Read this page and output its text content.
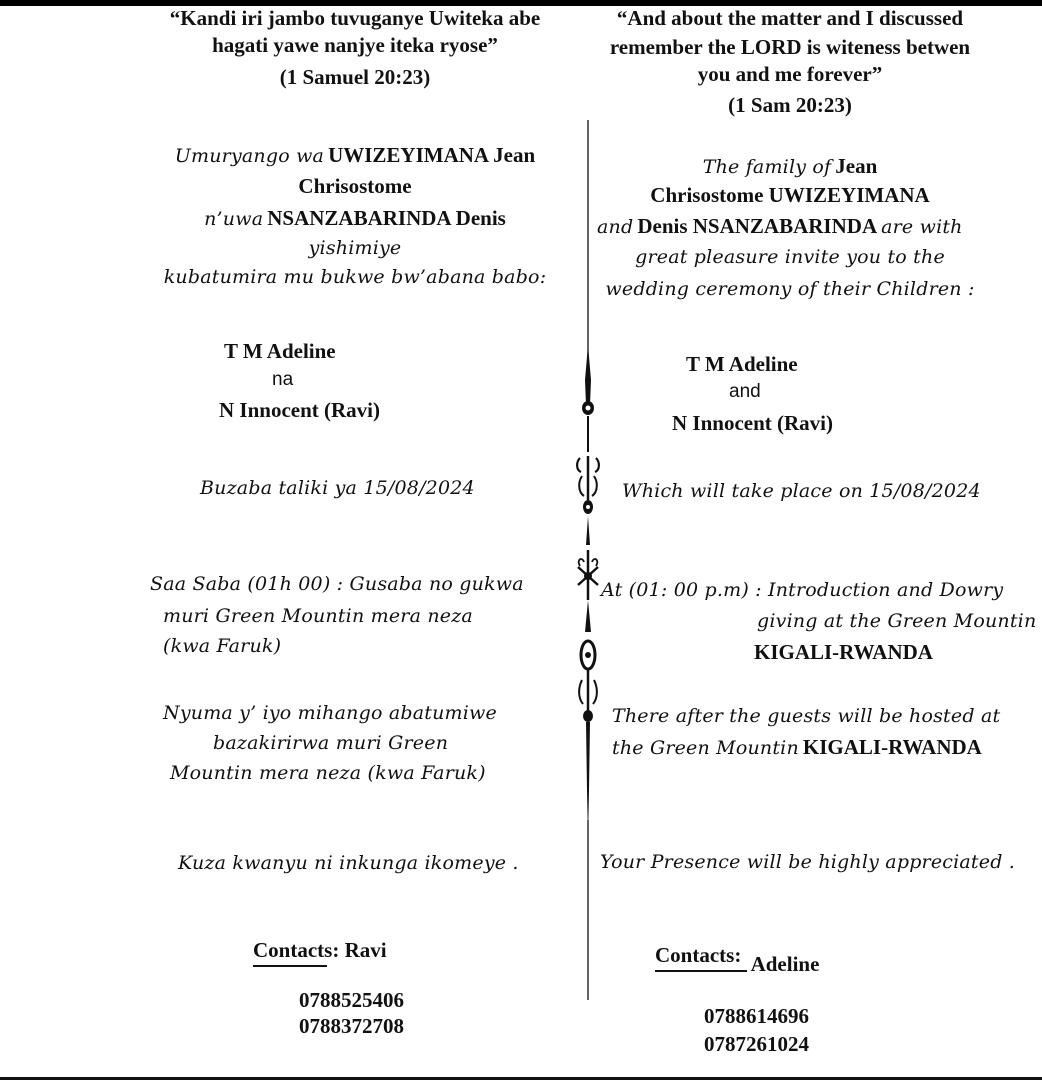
“Kandi iri jambo tuvuganye Uwiteka abe
hagati yawe nanjye iteka ryose”
(1 Samuel 20:23)
Umuryango wa UWIZEYIMANA Jean
Chrisostome
n’uwa NSANZABARINDA Denis
yishimiye
kubatumira mu bukwe bw’abana babo:
T M Adeline
na
N Innocent (Ravi)
Buzaba taliki ya 15/08/2024
Saa Saba (01h 00) : Gusaba no gukwa
muri Green Mountin mera neza
(kwa Faruk)
Nyuma y’ iyo mihango abatumiwe
bazakirirwa muri Green
Mountin mera neza (kwa Faruk)
Kuza kwanyu ni inkunga ikomeye .
Contacts: Ravi
0788525406
0788372708
“And about the matter and I discussed
remember the LORD is witeness betwen
you and me forever”
(1 Sam 20:23)
The family of Jean
Chrisostome UWIZEYIMANA
and Denis NSANZABARINDA are with
great pleasure invite you to the
wedding ceremony of their Children :
T M Adeline
and
N Innocent (Ravi)
Which will take place on 15/08/2024
At (01: 00 p.m) : Introduction and Dowry
giving at the Green Mountin
KIGALI-RWANDA
There after the guests will be hosted at
the Green Mountin KIGALI-RWANDA
Your Presence will be highly appreciated .
Contacts: Adeline
0788614696
0787261024
